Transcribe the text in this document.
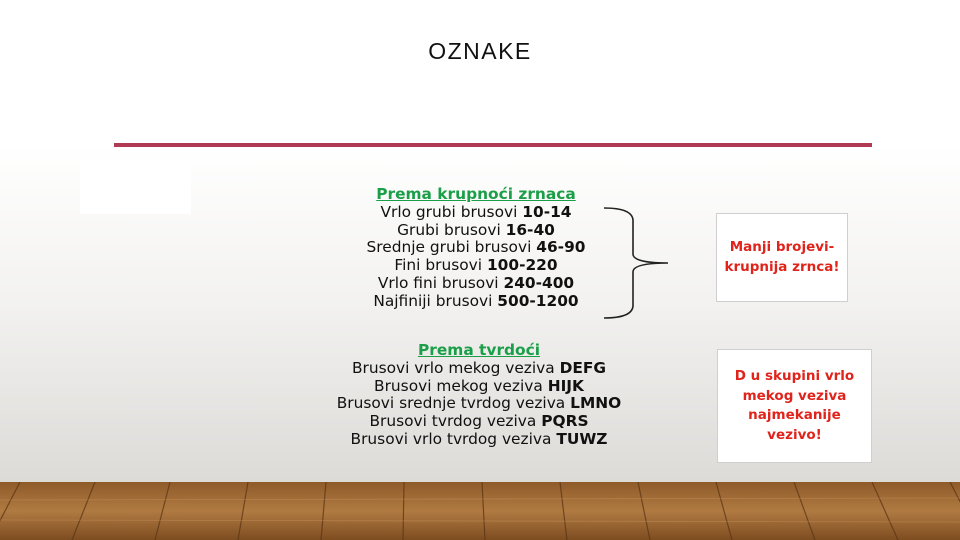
OZNAKE
Prema krupnoći zrnaca
Vrlo grubi brusovi 10-14
Grubi brusovi 16-40
Srednje grubi brusovi 46-90
Fini brusovi 100-220
Vrlo fini brusovi 240-400
Najfiniji brusovi 500-1200
Manji brojevi- krupnija zrnca!
Prema tvrdoći
Brusovi vrlo mekog veziva DEFG
Brusovi mekog veziva HIJK
Brusovi srednje tvrdog veziva LMNO
Brusovi tvrdog veziva PQRS
Brusovi vrlo tvrdog veziva TUWZ
D u skupini vrlo mekog veziva najmekanije vezivo!
